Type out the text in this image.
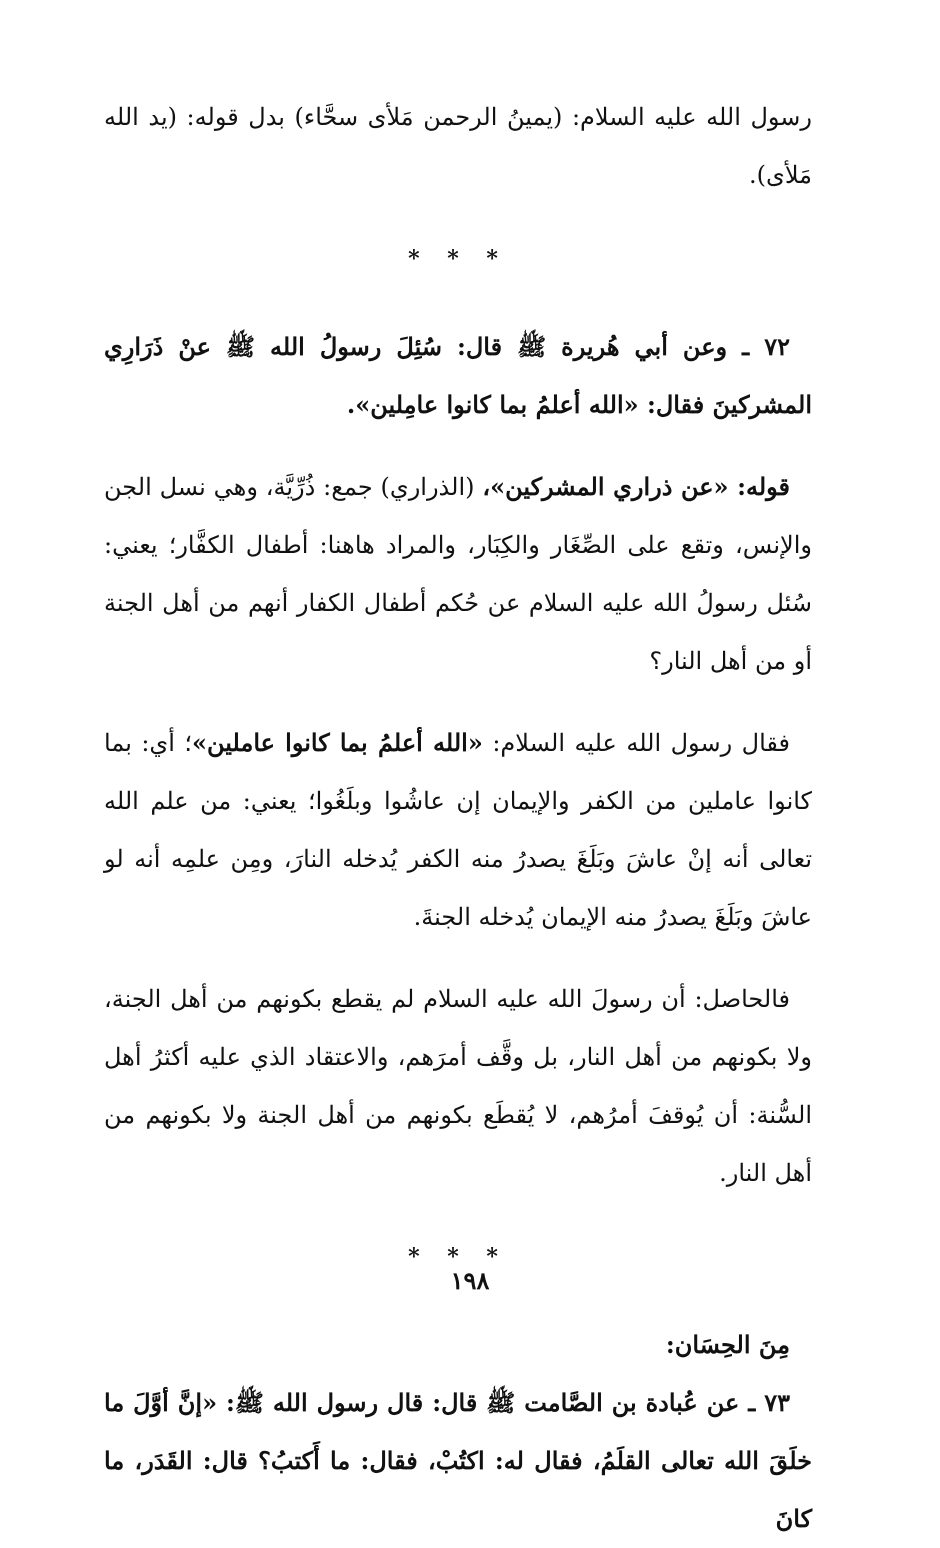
رسول الله عليه السلام: (يمينُ الرحمن مَلأى سحَّاء) بدل قوله: (يد الله مَلأى).

* * *

٧٢ ـ وعن أبي هُريرة ﷺ قال: سُئِلَ رسولُ الله ﷺ عنْ ذَرَارِي المشركينَ فقال: «الله أعلمُ بما كانوا عامِلين».

قوله: «عن ذراري المشركين»، (الذراري) جمع: ذُرِّيَّة، وهي نسل الجن والإنس، وتقع على الصِّغَار والكِبَار، والمراد هاهنا: أطفال الكفَّار؛ يعني: سُئل رسولُ الله عليه السلام عن حُكم أطفال الكفار أنهم من أهل الجنة أو من أهل النار؟

فقال رسول الله عليه السلام: «الله أعلمُ بما كانوا عاملين»؛ أي: بما كانوا عاملين من الكفر والإيمان إن عاشُوا وبلَغُوا؛ يعني: من علم الله تعالى أنه إنْ عاشَ وبَلَغَ يصدرُ منه الكفر يُدخله النارَ، ومِن علمِه أنه لو عاشَ وبَلَغَ يصدرُ منه الإيمان يُدخله الجنةَ.

فالحاصل: أن رسولَ الله عليه السلام لم يقطع بكونهم من أهل الجنة، ولا بكونهم من أهل النار، بل وقَّف أمرَهم، والاعتقاد الذي عليه أكثرُ أهل السُّنة: أن يُوقفَ أمرُهم، لا يُقطَع بكونهم من أهل الجنة ولا بكونهم من أهل النار.

* * *

مِنَ الحِسَان:

٧٣ ـ عن عُبادة بن الصَّامت ﷺ قال: قال رسول الله ﷺ: «إنَّ أوَّلَ ما خلَقَ الله تعالى القلَمُ، فقال له: اكتُبْ، فقال: ما أَكتبُ؟ قال: القَدَر، ما كانَ

١٩٨
